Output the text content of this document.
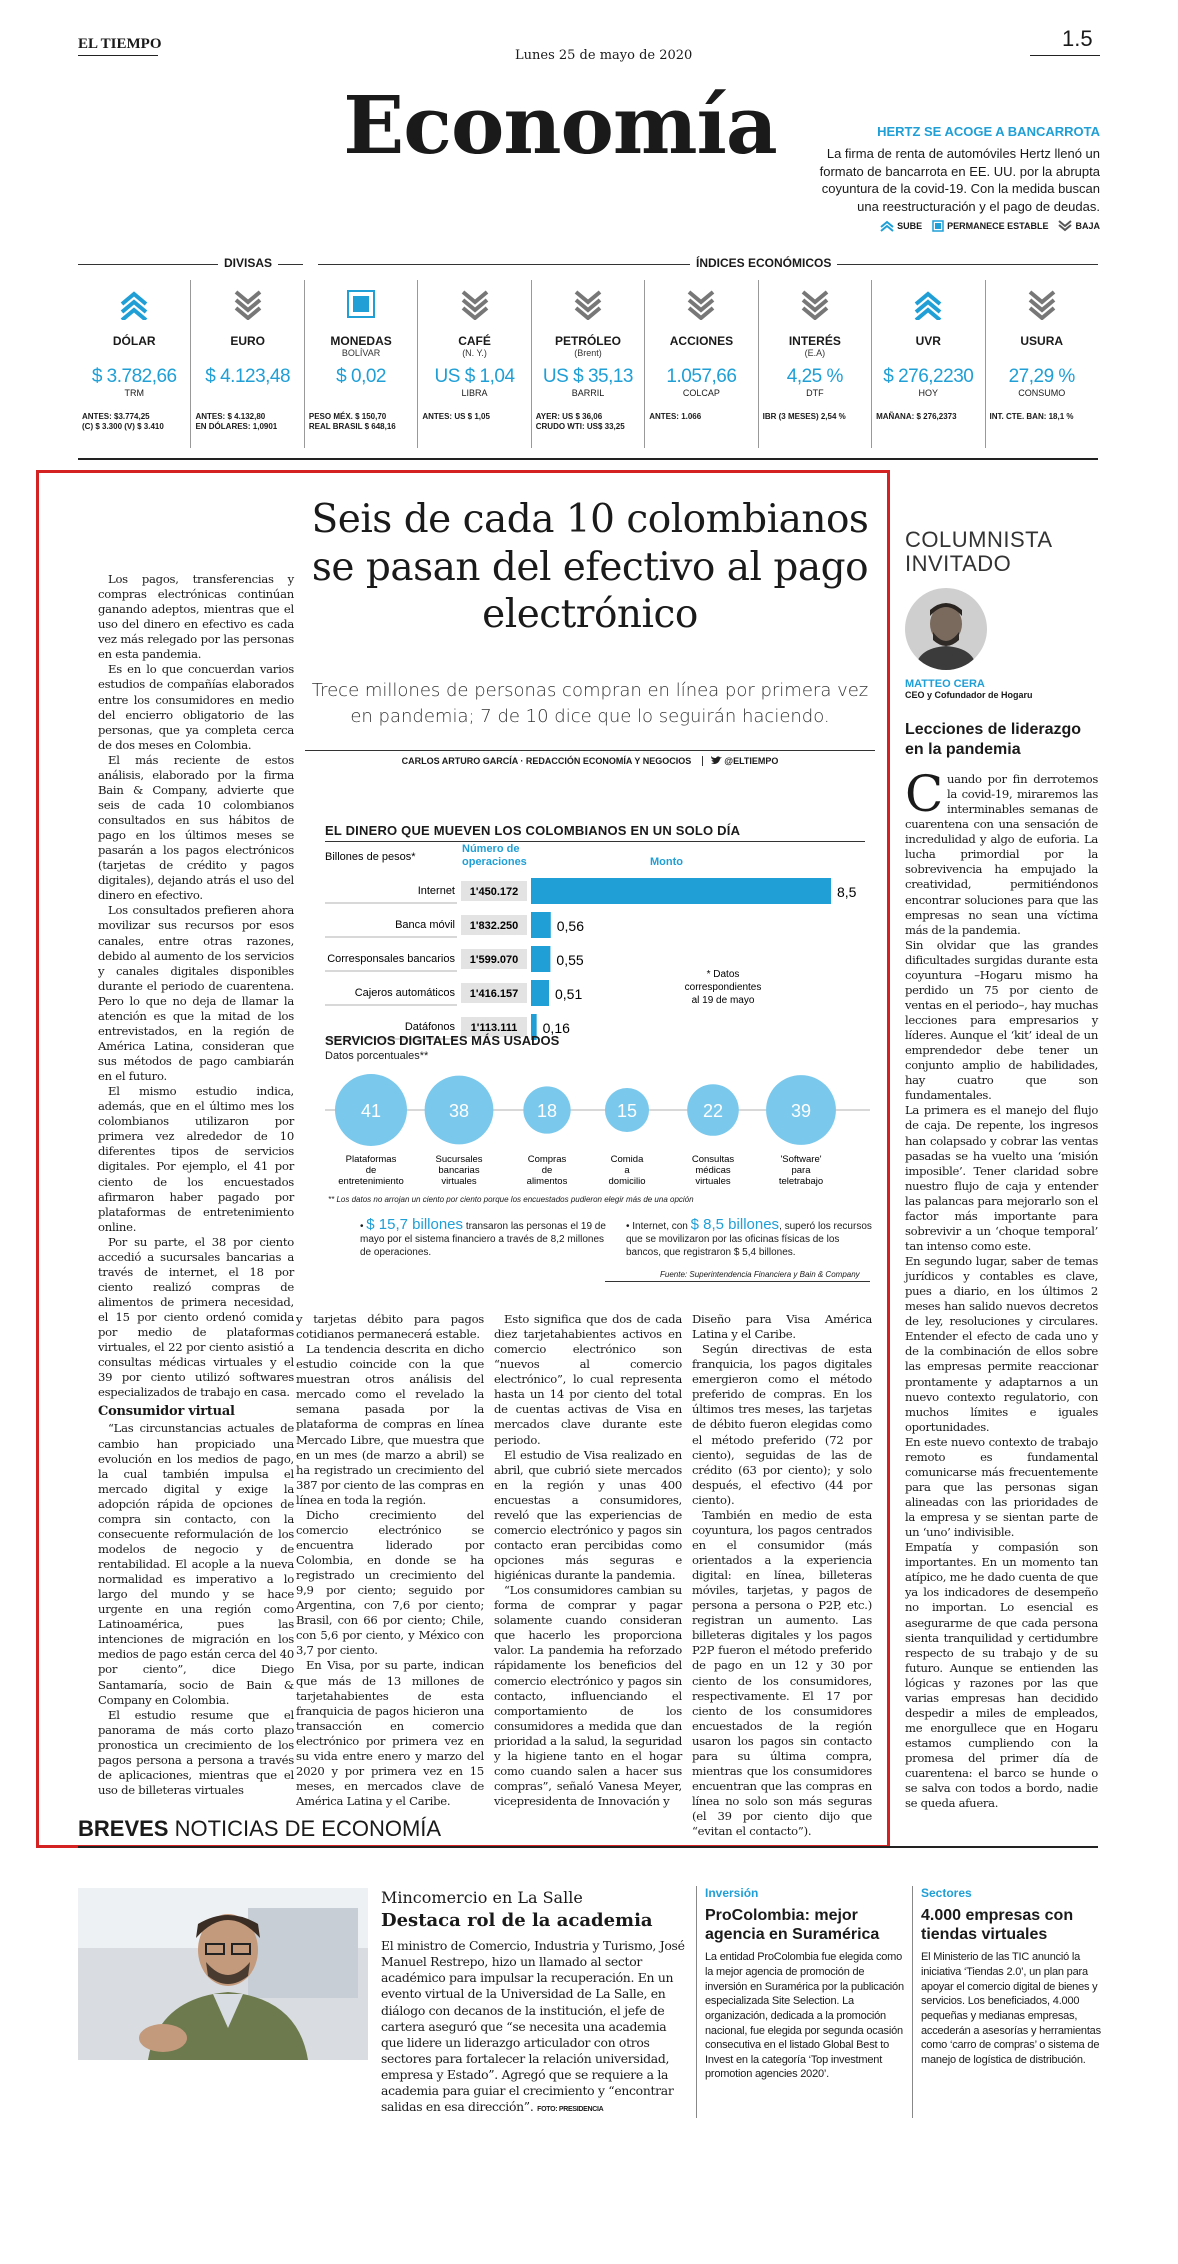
EL TIEMPO
Lunes 25 de mayo de 2020
1.5
Economía	HERTZ SE ACOGE A BANCARROTA
La firma de renta de automóviles Hertz llenó un formato de bancarrota en EE. UU. por la abrupta coyuntura de la covid-19. Con la medida buscan una reestructuración y el pago de deudas.
SUBE	PERMANECE ESTABLE	BAJA
DIVISAS	ÍNDICES ECONÓMICOS
DÓLAR

$ 3.782,66
TRM
ANTES: $3.774,25
(C) $ 3.300 (V) $ 3.410
EURO

$ 4.123,48
ANTES: $ 4.132,80
EN DÓLARES: 1,0901
MONEDAS
BOLÍVAR
$ 0,02
PESO MÉX. $ 150,70
REAL BRASIL $ 648,16
CAFÉ
(N. Y.)
US $ 1,04
LIBRA
ANTES: US $ 1,05
PETRÓLEO
(Brent)
US $ 35,13
BARRIL
AYER: US $ 36,06
CRUDO WTI: US$ 33,25
ACCIONES

1.057,66
COLCAP
ANTES: 1.066
INTERÉS
(E.A)
4,25 %
DTF
IBR (3 MESES) 2,54 %
UVR

$ 276,2230
HOY
MAÑANA: $ 276,2373
USURA

27,29 %
CONSUMO
INT. CTE. BAN: 18,1 %
Seis de cada 10 colombianos se pasan del efectivo al pago electrónico
Trece millones de personas compran en línea por primera vez en pandemia; 7 de 10 dice que lo seguirán haciendo.
CARLOS ARTURO GARCÍA · REDACCIÓN ECONOMÍA Y NEGOCIOS	@ELTIEMPO

Los pagos, transferencias y compras electrónicas continúan ganando adeptos, mientras que el uso del dinero en efectivo es cada vez más relegado por las personas en esta pandemia.

Es en lo que concuerdan varios estudios de compañías elaborados entre los consumidores en medio del encierro obligatorio de las personas, que ya completa cerca de dos meses en Colombia.

El más reciente de estos análisis, elaborado por la firma Bain & Company, advierte que seis de cada 10 colombianos consultados en sus hábitos de pago en los últimos meses se pasarán a los pagos electrónicos (tarjetas de crédito y pagos digitales), dejando atrás el uso del dinero en efectivo.

Los consultados prefieren ahora movilizar sus recursos por esos canales, entre otras razones, debido al aumento de los servicios y canales digitales disponibles durante el periodo de cuarentena. Pero lo que no deja de llamar la atención es que la mitad de los entrevistados, en la región de América Latina, consideran que sus métodos de pago cambiarán en el futuro.

El mismo estudio indica, además, que en el último mes los colombianos utilizaron por primera vez alrededor de 10 diferentes tipos de servicios digitales. Por ejemplo, el 41 por ciento de los encuestados afirmaron haber pagado por plataformas de entretenimiento online.

Por su parte, el 38 por ciento accedió a sucursales bancarias a través de internet, el 18 por ciento realizó compras de alimentos de primera necesidad, el 15 por ciento ordenó comida por medio de plataformas virtuales, el 22 por ciento asistió a consultas médicas virtuales y el 39 por ciento utilizó softwares especializados de trabajo en casa.

Consumidor virtual

“Las circunstancias actuales de cambio han propiciado una evolución en los medios de pago, la cual también impulsa el mercado digital y exige la adopción rápida de opciones de compra sin contacto, con la consecuente reformulación de los modelos de negocio y de rentabilidad. El acople a la nueva normalidad es imperativo a lo largo del mundo y se hace urgente en una región como Latinoamérica, pues las intenciones de migración en los medios de pago están cerca del 40 por ciento”, dice Diego Santamaría, socio de Bain & Company en Colombia.

El estudio resume que el panorama de más corto plazo pronostica un crecimiento de los pagos persona a persona a través de aplicaciones, mientras que el uso de billeteras virtuales

y tarjetas débito para pagos cotidianos permanecerá estable.

La tendencia descrita en dicho estudio coincide con la que muestran otros análisis del mercado como el revelado la semana pasada por la plataforma de compras en línea Mercado Libre, que muestra que en un mes (de marzo a abril) se ha registrado un crecimiento del 387 por ciento de las compras en línea en toda la región.

Dicho crecimiento del comercio electrónico se encuentra liderado por Colombia, en donde se ha registrado un crecimiento del 9,9 por ciento; seguido por Argentina, con 7,6 por ciento; Brasil, con 66 por ciento; Chile, con 5,6 por ciento, y México con 3,7 por ciento.

En Visa, por su parte, indican que más de 13 millones de tarjetahabientes de esta franquicia de pagos hicieron una transacción en comercio electrónico por primera vez en su vida entre enero y marzo del 2020 y por primera vez en 15 meses, en mercados clave de América Latina y el Caribe.

Esto significa que dos de cada diez tarjetahabientes activos en comercio electrónico son “nuevos al comercio electrónico”, lo cual representa hasta un 14 por ciento del total de cuentas activas de Visa en mercados clave durante este periodo.

El estudio de Visa realizado en abril, que cubrió siete mercados en la región y unas 400 encuestas a consumidores, reveló que las experiencias de comercio electrónico y pagos sin contacto eran percibidas como opciones más seguras e higiénicas durante la pandemia.

“Los consumidores cambian su forma de comprar y pagar solamente cuando consideran que hacerlo les proporciona valor. La pandemia ha reforzado rápidamente los beneficios del comercio electrónico y pagos sin contacto, influenciando el comportamiento de los consumidores a medida que dan prioridad a la salud, la seguridad y la higiene tanto en el hogar como cuando salen a hacer sus compras”, señaló Vanesa Meyer, vicepresidenta de Innovación y

Diseño para Visa América Latina y el Caribe.

Según directivas de esta franquicia, los pagos digitales emergieron como el método preferido de compras. En los últimos tres meses, las tarjetas de débito fueron elegidas como el método preferido (72 por ciento), seguidas de las de crédito (63 por ciento); y solo después, el efectivo (44 por ciento).

También en medio de esta coyuntura, los pagos centrados en el consumidor (más orientados a la experiencia digital: en línea, billeteras móviles, tarjetas, y pagos de persona a persona o P2P, etc.) registran un aumento. Las billeteras digitales y los pagos P2P fueron el método preferido de pago en un 12 y 30 por ciento de los consumidores, respectivamente. El 17 por ciento de los consumidores encuestados de la región usaron los pagos sin contacto para su última compra, mientras que los consumidores encuentran que las compras en línea no solo son más seguras (el 39 por ciento dijo que “evitan el contacto”).

EL DINERO QUE MUEVEN LOS COLOMBIANOS EN UN SOLO DÍA
Billones de pesos*
Número de
operaciones	Monto
Internet 1'450.172	8,5
Banca móvil 1'832.250	0,56
Corresponsales bancarios 1'599.070	0,55
Cajeros automáticos 1'416.157	0,51
Datáfonos 1'113.111 0,16
* Datos
correspondientes
al 19 de mayo
SERVICIOS DIGITALES MÁS USADOS
Datos porcentuales**
41
Plataformas
de
entretenimiento
38
Sucursales
bancarias
virtuales
18
Compras
de
alimentos
15
Comida
a
domicilio
22
Consultas
médicas
virtuales
39
'Software'
para
teletrabajo
** Los datos no arrojan un ciento por ciento porque los encuestados pudieron elegir más de una opción
• $ 15,7 billones transaron las personas el 19 de mayo por el sistema financiero a través de 8,2 millones de operaciones.
• Internet, con $ 8,5 billones, superó los recursos que se movilizaron por las oficinas físicas de los bancos, que registraron $ 5,4 billones.
Fuente: Superintendencia Financiera y Bain & Company
COLUMNISTA
INVITADO
MATTEO CERA
CEO y Cofundador de Hogaru
Lecciones de liderazgo en la pandemia

Cuando por fin derrotemos la covid-19, miraremos las interminables semanas de cuarentena con una sensación de incredulidad y algo de euforia. La lucha primordial por la sobrevivencia ha empujado la creatividad, permitiéndonos encontrar soluciones para que las empresas no sean una víctima más de la pandemia.

Sin olvidar que las grandes dificultades surgidas durante esta coyuntura –Hogaru mismo ha perdido un 75 por ciento de ventas en el periodo–, hay muchas lecciones para empresarios y líderes. Aunque el ‘kit’ ideal de un emprendedor debe tener un conjunto amplio de habilidades, hay cuatro que son fundamentales.

La primera es el manejo del flujo de caja. De repente, los ingresos han colapsado y cobrar las ventas pasadas se ha vuelto una ‘misión imposible’. Tener claridad sobre nuestro flujo de caja y entender las palancas para mejorarlo son el factor más importante para sobrevivir a un ‘choque temporal’ tan intenso como este.

En segundo lugar, saber de temas jurídicos y contables es clave, pues a diario, en los últimos 2 meses han salido nuevos decretos de ley, resoluciones y circulares. Entender el efecto de cada uno y de la combinación de ellos sobre las empresas permite reaccionar prontamente y adaptarnos a un nuevo contexto regulatorio, con muchos límites e iguales oportunidades.

En este nuevo contexto de trabajo remoto es fundamental comunicarse más frecuentemente para que las personas sigan alineadas con las prioridades de la empresa y se sientan parte de un ‘uno’ indivisible.

Empatía y compasión son importantes. En un momento tan atípico, me he dado cuenta de que ya los indicadores de desempeño no importan. Lo esencial es asegurarme de que cada persona sienta tranquilidad y certidumbre respecto de su trabajo y de su futuro. Aunque se entienden las lógicas y razones por las que varias empresas han decidido despedir a miles de empleados, me enorgullece que en Hogaru estamos cumpliendo con la promesa del primer día de cuarentena: el barco se hunde o se salva con todos a bordo, nadie se queda afuera.

BREVES NOTICIAS DE ECONOMÍA
Mincomercio en La Salle
Destaca rol de la academia
El ministro de Comercio, Industria y Turismo, José Manuel Restrepo, hizo un llamado al sector académico para impulsar la recuperación. En un evento virtual de la Universidad de La Salle, en diálogo con decanos de la institución, el jefe de cartera aseguró que “se necesita una academia que lidere un liderazgo articulador con otros sectores para fortalecer la relación universidad, empresa y Estado”. Agregó que se requiere a la academia para guiar el crecimiento y “encontrar salidas en esa dirección”. FOTO: PRESIDENCIA
Inversión
ProColombia: mejor agencia en Suramérica
La entidad ProColombia fue elegida como la mejor agencia de promoción de inversión en Suramérica por la publicación especializada Site Selection. La organización, dedicada a la promoción nacional, fue elegida por segunda ocasión consecutiva en el listado Global Best to Invest en la categoría ‘Top investment promotion agencies 2020’.
Sectores
4.000 empresas con tiendas virtuales
El Ministerio de las TIC anunció la iniciativa ‘Tiendas 2.0’, un plan para apoyar el comercio digital de bienes y servicios. Los beneficiados, 4.000 pequeñas y medianas empresas, accederán a asesorías y herramientas como ‘carro de compras’ o sistema de manejo de logística de distribución.
